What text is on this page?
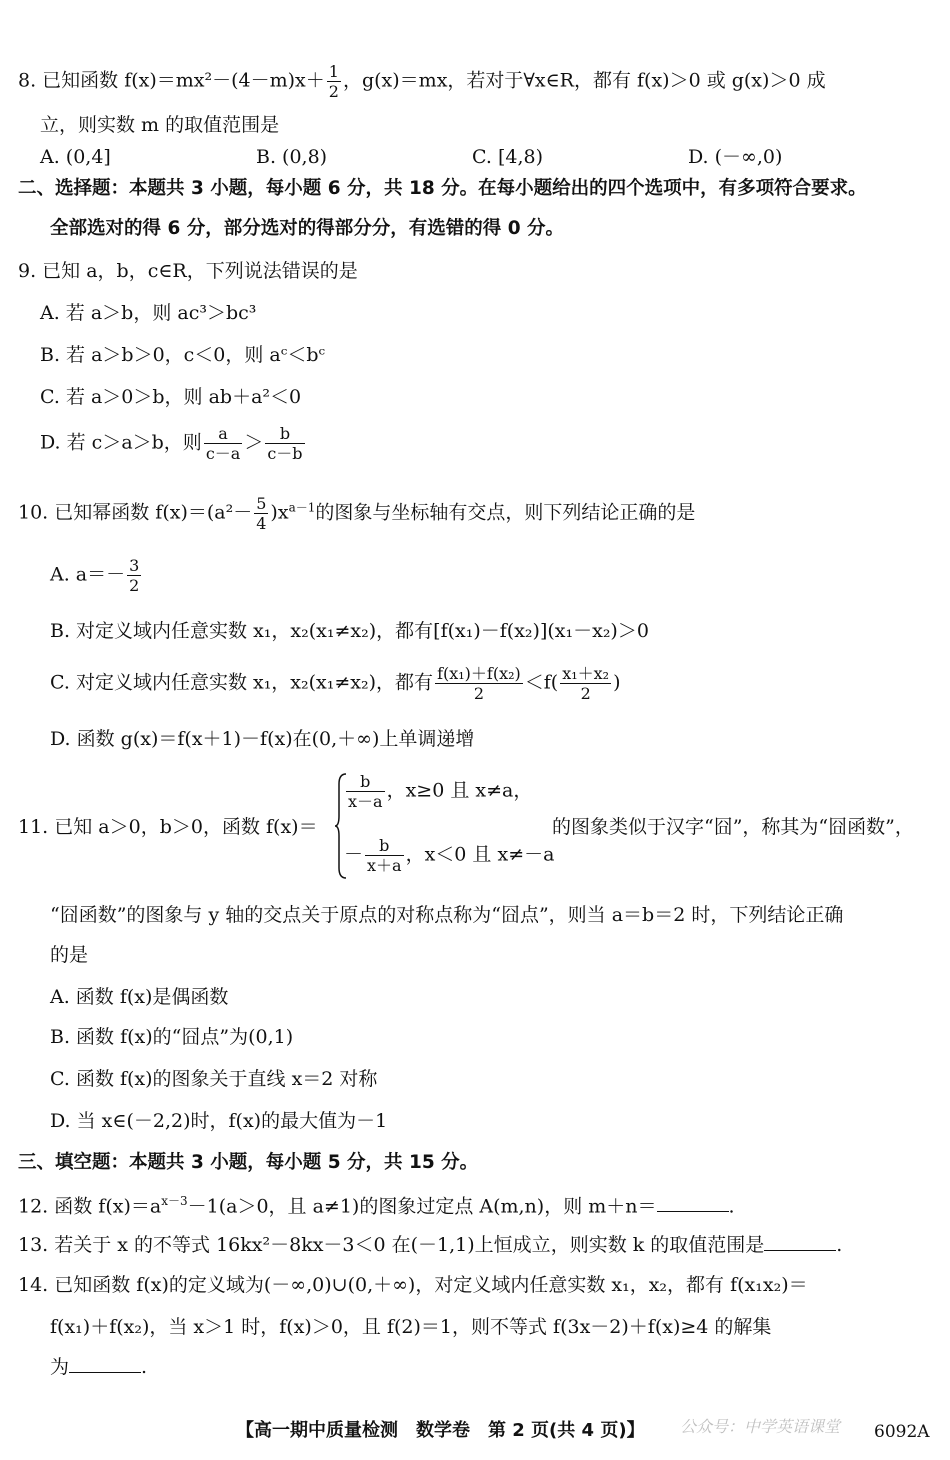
8. 已知函数 $f(x)=mx^2-(4-m)x+ \frac{1}{2}$ ，g(x)＝mx，若对于∀x∈R，都有 f(x)＞0 或 g(x)＞0 成
立，则实数 m 的取值范围是
A. (0,4]	B. (0,8)	C. [4,8)	D. (－∞,0)
二、选择题：本题共 3 小题，每小题 6 分，共 18 分。在每小题给出的四个选项中，有多项符合要求。
全部选对的得 6 分，部分选对的得部分分，有选错的得 0 分。
9. 已知 a，b，c∈R，下列说法错误的是
A. 若 a＞b，则 ac³＞bc³
B. 若 a＞b＞0，c＜0，则 aᶜ＜bᶜ
C. 若 a＞0＞b，则 ab＋a²＜0
D. 若 c＞a＞b，则 $\frac{a}{c-a} > \frac{b}{c-b}$
10. 已知幂函数 $f(x)=(a^2- \frac{5}{4} )x^{a-1}$的图象与坐标轴有交点，则下列结论正确的是
A. $a=- \frac{3}{2}$
B. 对定义域内任意实数 x₁，x₂(x₁≠x₂)，都有[f(x₁)－f(x₂)](x₁－x₂)＞0
C. 对定义域内任意实数 x₁，x₂(x₁≠x₂)，都有 $\frac{\text{f(x₁)＋f(x₂)}}{2} <f( \frac{\text{x₁＋x₂}}{2}$ )
D. 函数 g(x)＝f(x＋1)－f(x)在(0,＋∞)上单调递增
11. 已知 a＞0，b＞0，函数 f(x)＝
$\frac{b}{x-a}$ ，x≥0 且 x≠a，
－ $\frac{b}{x+a}$ ，x＜0 且 x≠－a
的图象类似于汉字“囧”，称其为“囧函数”，
“囧函数”的图象与 y 轴的交点关于原点的对称点称为“囧点”，则当 a＝b＝2 时，下列结论正确
的是
A. 函数 f(x)是偶函数
B. 函数 f(x)的“囧点”为(0,1)
C. 函数 f(x)的图象关于直线 x＝2 对称
D. 当 x∈(－2,2)时，f(x)的最大值为－1
三、填空题：本题共 3 小题，每小题 5 分，共 15 分。
12. 函数 $f(x)=a^{x-3}-1(a>0$，且 a≠1)的图象过定点 A(m,n)，则 m＋n＝	.
13. 若关于 x 的不等式 16kx²－8kx－3＜0 在(－1,1)上恒成立，则实数 k 的取值范围是	.
14. 已知函数 f(x)的定义域为(－∞,0)∪(0,＋∞)，对定义域内任意实数 x₁，x₂，都有 f(x₁x₂)＝
f(x₁)＋f(x₂)，当 x＞1 时，f(x)＞0，且 f(2)＝1，则不等式 f(3x－2)＋f(x)≥4 的解集
为	.
【高一期中质量检测　数学卷　第 2 页(共 4 页)】 公众号：中学英语课堂 6092A
